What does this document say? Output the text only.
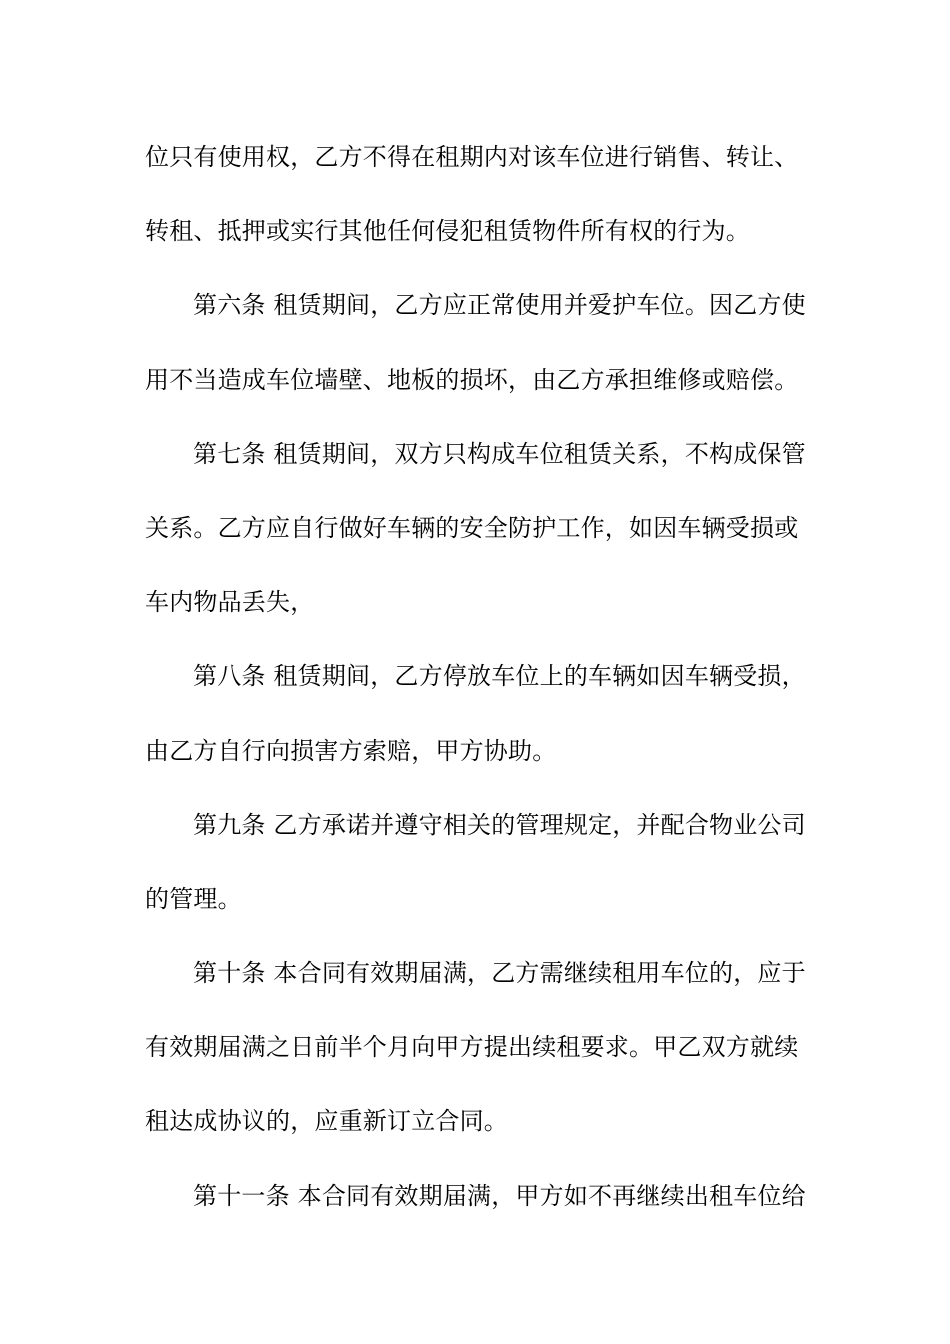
位只有使用权，乙方不得在租期内对该车位进行销售、转让、
转租、抵押或实行其他任何侵犯租赁物件所有权的行为。
第六条 租赁期间，乙方应正常使用并爱护车位。因乙方使
用不当造成车位墙壁、地板的损坏，由乙方承担维修或赔偿。
第七条 租赁期间，双方只构成车位租赁关系，不构成保管
关系。乙方应自行做好车辆的安全防护工作，如因车辆受损或
车内物品丢失，
第八条 租赁期间，乙方停放车位上的车辆如因车辆受损，
由乙方自行向损害方索赔，甲方协助。
第九条 乙方承诺并遵守相关的管理规定，并配合物业公司
的管理。
第十条 本合同有效期届满，乙方需继续租用车位的，应于
有效期届满之日前半个月向甲方提出续租要求。甲乙双方就续
租达成协议的，应重新订立合同。
第十一条 本合同有效期届满，甲方如不再继续出租车位给
